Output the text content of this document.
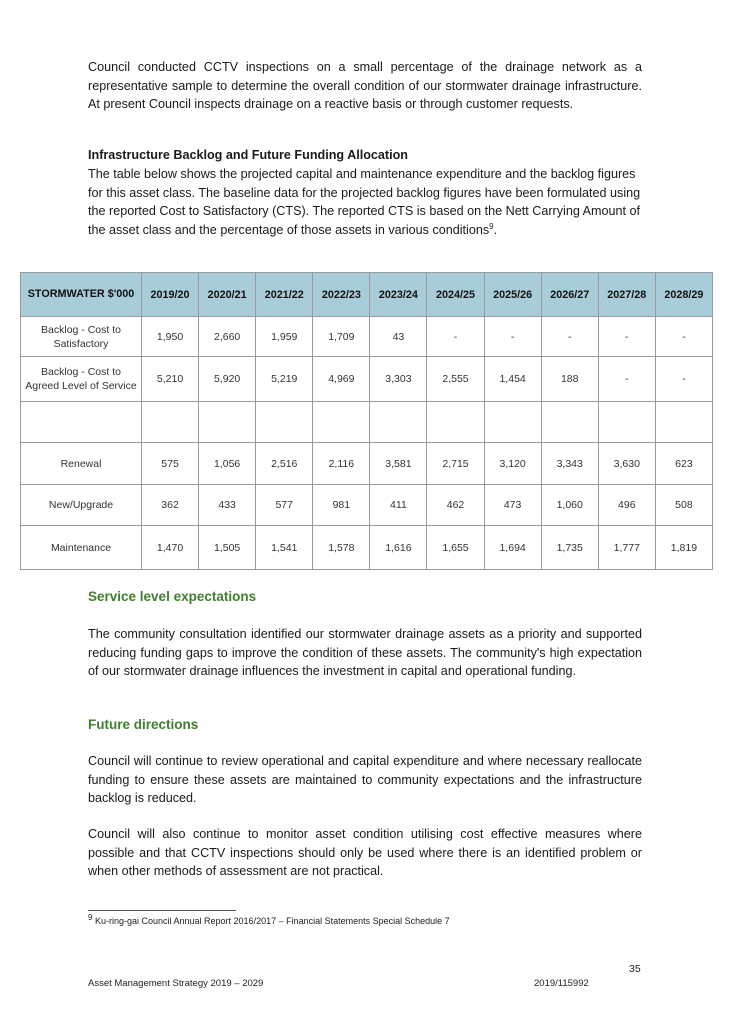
Council conducted CCTV inspections on a small percentage of the drainage network as a representative sample to determine the overall condition of our stormwater drainage infrastructure. At present Council inspects drainage on a reactive basis or through customer requests.

Infrastructure Backlog and Future Funding Allocation

The table below shows the projected capital and maintenance expenditure and the backlog figures for this asset class. The baseline data for the projected backlog figures have been formulated using the reported Cost to Satisfactory (CTS). The reported CTS is based on the Nett Carrying Amount of the asset class and the percentage of those assets in various conditions$^9$.

STORMWATER $'000	2019/20	2020/21	2021/22	2022/23	2023/24	2024/25	2025/26	2026/27	2027/28	2028/29
Backlog - Cost to Satisfactory	1,950	2,660	1,959	1,709	43	-	-	-	-	-
Backlog - Cost to Agreed Level of Service	5,210	5,920	5,219	4,969	3,303	2,555	1,454	188	-	-

Renewal	575	1,056	2,516	2,116	3,581	2,715	3,120	3,343	3,630	623
New/Upgrade	362	433	577	981	411	462	473	1,060	496	508
Maintenance	1,470	1,505	1,541	1,578	1,616	1,655	1,694	1,735	1,777	1,819

Service level expectations

The community consultation identified our stormwater drainage assets as a priority and supported reducing funding gaps to improve the condition of these assets. The community's high expectation of our stormwater drainage influences the investment in capital and operational funding.

Future directions

Council will continue to review operational and capital expenditure and where necessary reallocate funding to ensure these assets are maintained to community expectations and the infrastructure backlog is reduced.

Council will also continue to monitor asset condition utilising cost effective measures where possible and that CCTV inspections should only be used where there is an identified problem or when other methods of assessment are not practical.

$^9$ Ku-ring-gai Council Annual Report 2016/2017 – Financial Statements Special Schedule 7

35

Asset Management Strategy 2019 – 2029	2019/115992
